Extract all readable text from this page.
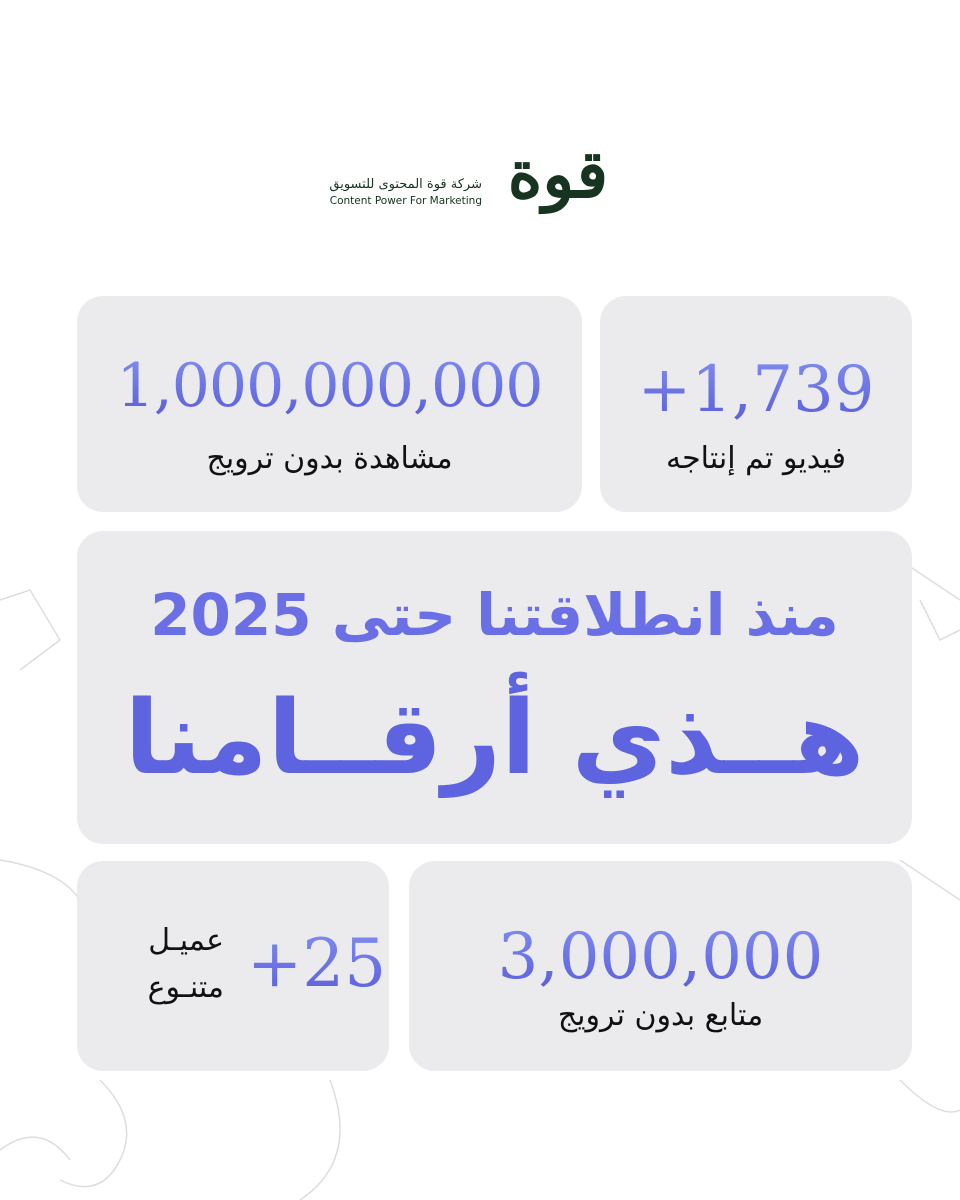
قوة
شركة قوة المحتوى للتسويق
Content Power For Marketing
1,000,000,000
مشاهدة بدون ترويج
+1,739
فيديو تم إنتاجه
منذ انطلاقتنا حتى 2025
هــذي أرقــامنا
3,000,000
متابع بدون ترويج
+25
عميـل
متنـوع
